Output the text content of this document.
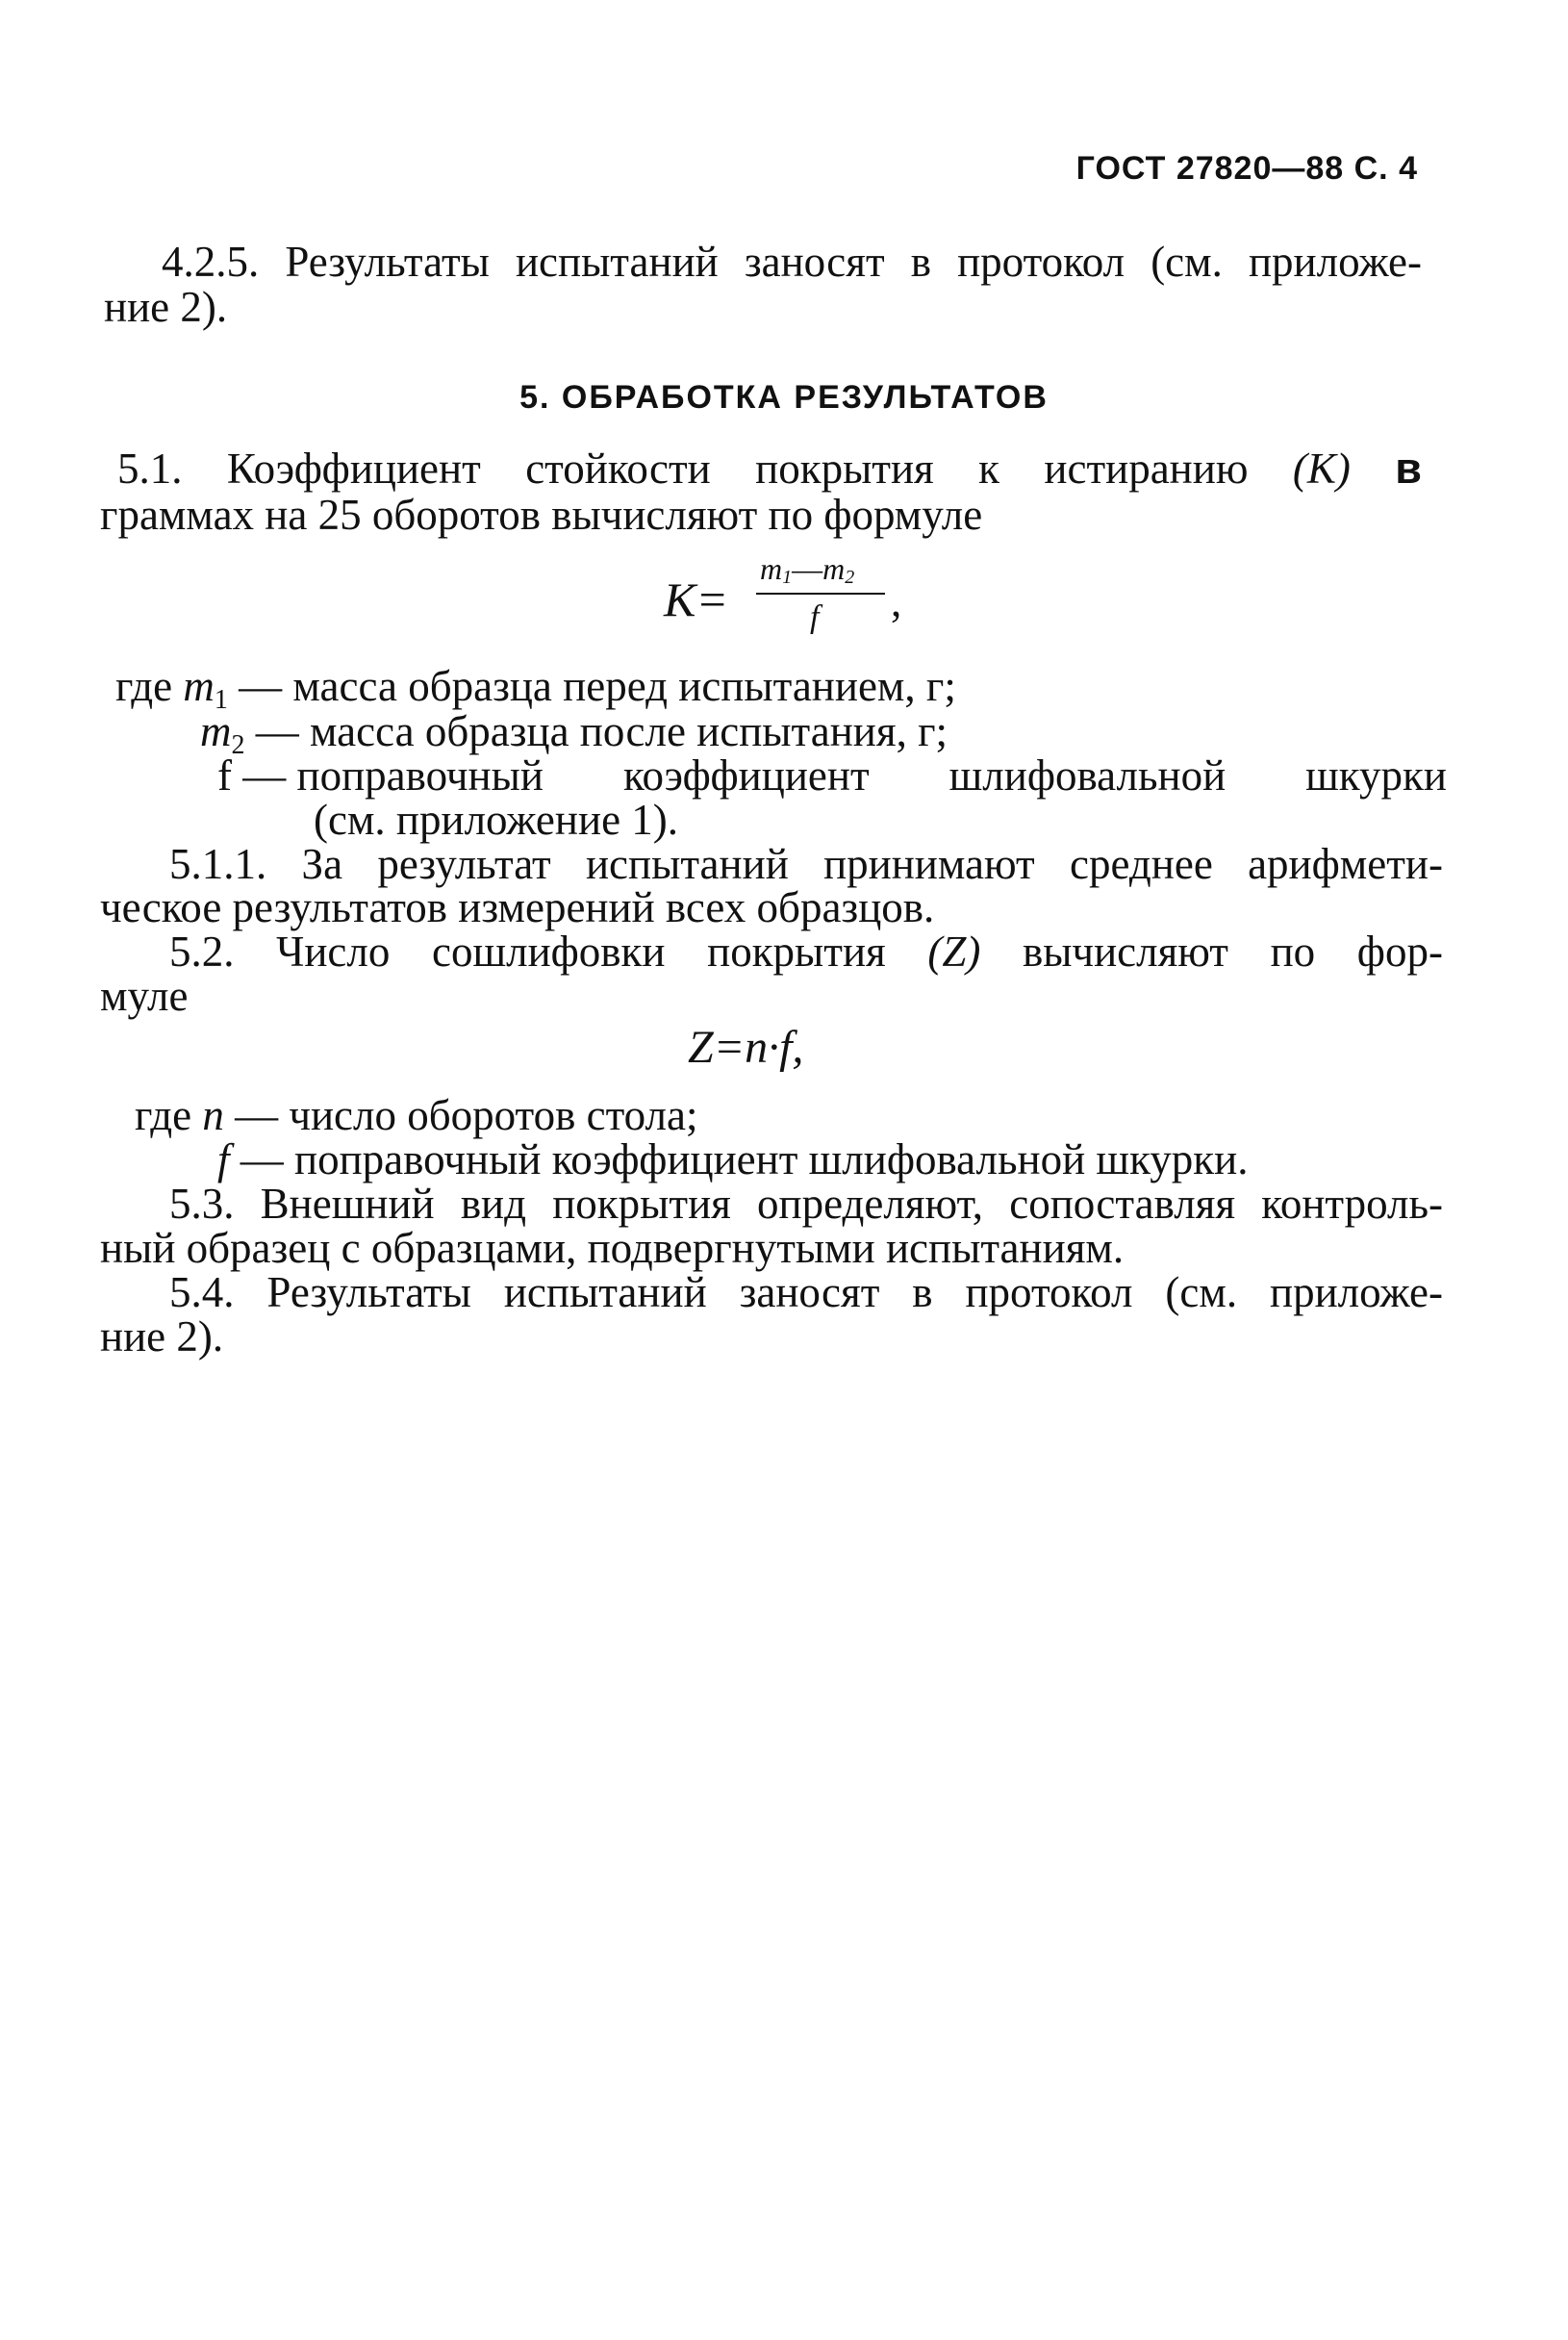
ГОСТ 27820—88 С. 4
4.2.5. Результаты испытаний заносят в протокол (см. приложе-
ние 2).
5. ОБРАБОТКА РЕЗУЛЬТАТОВ
5.1. Коэффициент стойкости покрытия к истиранию (K) в
граммах на 25 оборотов вычисляют по формуле
K=
m1—m2
f ,
где $m_1$ — масса образца перед испытанием, г;
$m_2$ — масса образца после испытания, г;
f — поправочный коэффициент шлифовальной шкурки
(см. приложение 1).
5.1.1. За результат испытаний принимают среднее арифмети-
ческое результатов измерений всех образцов.
5.2. Число сошлифовки покрытия (Z) вычисляют по фор-
муле
Z=n·f,
где n — число оборотов стола;
f — поправочный коэффициент шлифовальной шкурки.
5.3. Внешний вид покрытия определяют, сопоставляя контроль-
ный образец с образцами, подвергнутыми испытаниям.
5.4. Результаты испытаний заносят в протокол (см. приложе-
ние 2).
